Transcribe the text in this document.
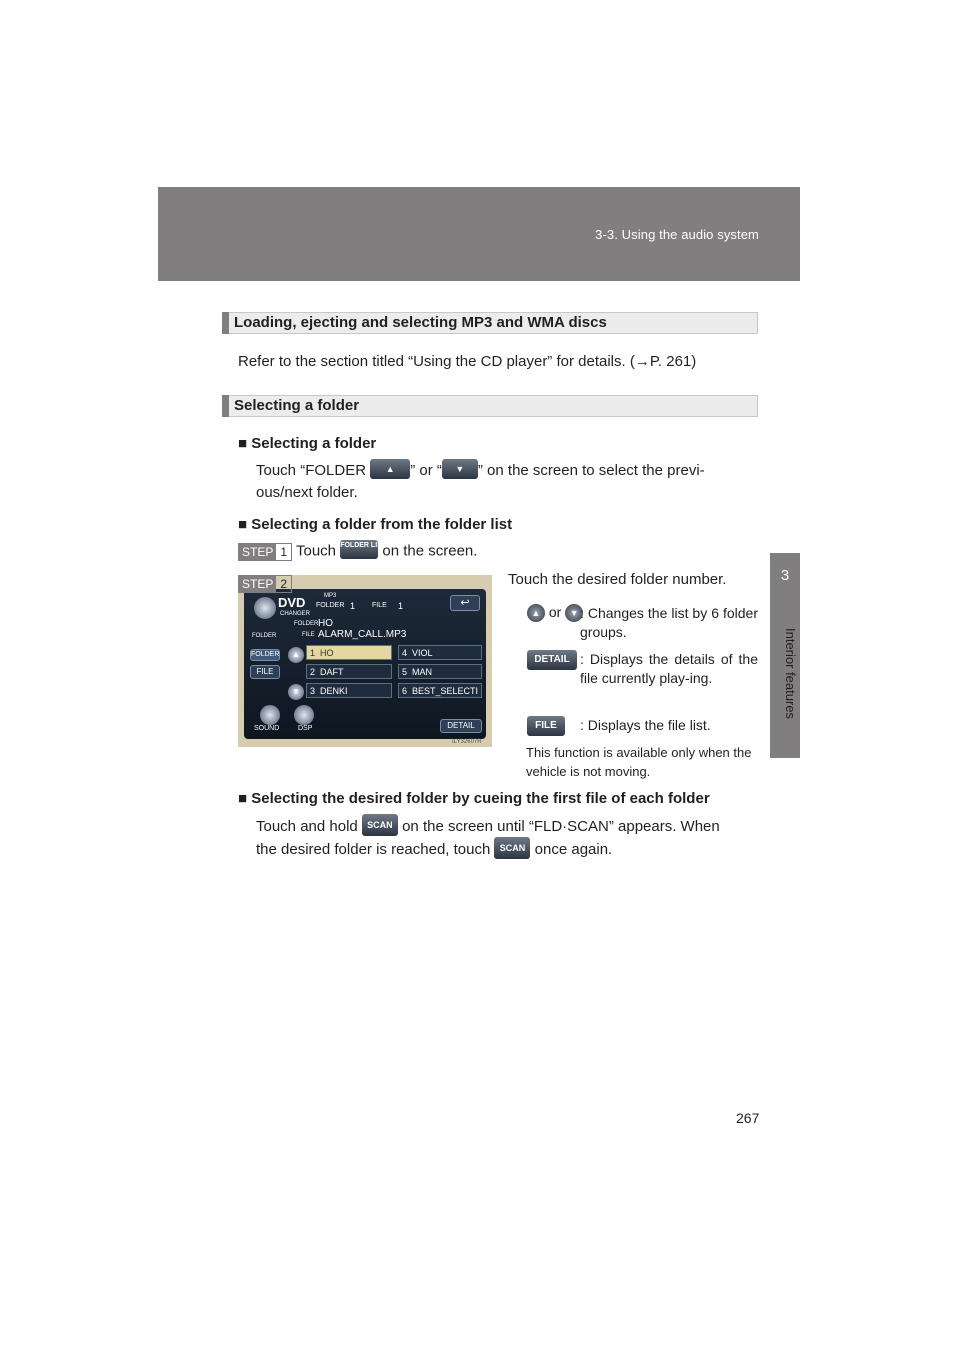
3-3. Using the audio system
3
Interior features
Loading, ejecting and selecting MP3 and WMA discs
Refer to the section titled “Using the CD player” for details. (→P. 261)
Selecting a folder
■ Selecting a folder
Touch “FOLDER ▲ ” or “ ▼ ” on the screen to select the previ-
ous/next folder.
■ Selecting a folder from the folder list
STEP 1 Touch FOLDER LIST on the screen.
STEP 2
DVD
CHANGER
MP3
FOLDER 1 FILE 1	↩
FOLDER HO
FILE ALARM_CALL.MP3
FOLDER
FOLDER
FILE
▲
▼
1 HO
2 DAFT
3 DENKI
4 VIOL
5 MAN
6 BEST_SELECTI
SOUND	DSP	DETAIL
ILY32607R
Touch the desired folder number.
▲ or ▼ : Changes the list by 6 folder groups.
DETAIL : Displays the details of the file currently play-ing.
FILE	: Displays the file list.
This function is available only when the vehicle is not moving.
■ Selecting the desired folder by cueing the first file of each folder
Touch and hold SCAN on the screen until “FLD·SCAN” appears. When
the desired folder is reached, touch SCAN once again.
267
